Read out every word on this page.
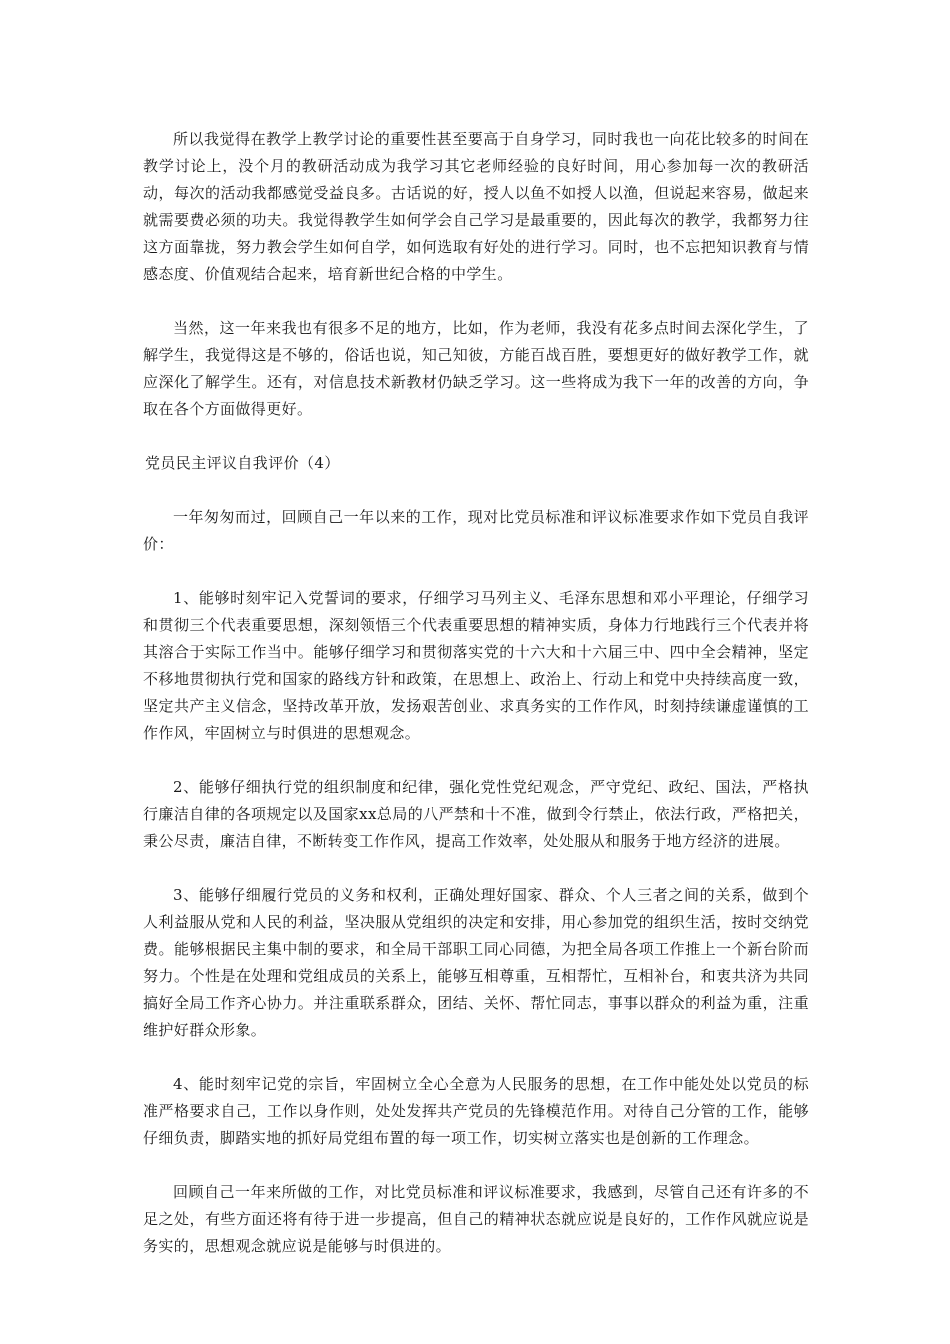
所以我觉得在教学上教学讨论的重要性甚至要高于自身学习，同时我也一向花比较多的时间在教学讨论上，没个月的教研活动成为我学习其它老师经验的良好时间，用心参加每一次的教研活动，每次的活动我都感觉受益良多。古话说的好，授人以鱼不如授人以渔，但说起来容易，做起来就需要费必须的功夫。我觉得教学生如何学会自己学习是最重要的，因此每次的教学，我都努力往这方面靠拢，努力教会学生如何自学，如何选取有好处的进行学习。同时，也不忘把知识教育与情感态度、价值观结合起来，培育新世纪合格的中学生。

当然，这一年来我也有很多不足的地方，比如，作为老师，我没有花多点时间去深化学生，了解学生，我觉得这是不够的，俗话也说，知己知彼，方能百战百胜，要想更好的做好教学工作，就应深化了解学生。还有，对信息技术新教材仍缺乏学习。这一些将成为我下一年的改善的方向，争取在各个方面做得更好。

党员民主评议自我评价（4）

一年匆匆而过，回顾自己一年以来的工作，现对比党员标准和评议标准要求作如下党员自我评价：

1、能够时刻牢记入党誓词的要求，仔细学习马列主义、毛泽东思想和邓小平理论，仔细学习和贯彻三个代表重要思想，深刻领悟三个代表重要思想的精神实质，身体力行地践行三个代表并将其溶合于实际工作当中。能够仔细学习和贯彻落实党的十六大和十六届三中、四中全会精神，坚定不移地贯彻执行党和国家的路线方针和政策，在思想上、政治上、行动上和党中央持续高度一致，坚定共产主义信念，坚持改革开放，发扬艰苦创业、求真务实的工作作风，时刻持续谦虚谨慎的工作作风，牢固树立与时俱进的思想观念。

2、能够仔细执行党的组织制度和纪律，强化党性党纪观念，严守党纪、政纪、国法，严格执行廉洁自律的各项规定以及国家xx总局的八严禁和十不准，做到令行禁止，依法行政，严格把关，秉公尽责，廉洁自律，不断转变工作作风，提高工作效率，处处服从和服务于地方经济的进展。

3、能够仔细履行党员的义务和权利，正确处理好国家、群众、个人三者之间的关系，做到个人利益服从党和人民的利益，坚决服从党组织的决定和安排，用心参加党的组织生活，按时交纳党费。能够根据民主集中制的要求，和全局干部职工同心同德，为把全局各项工作推上一个新台阶而努力。个性是在处理和党组成员的关系上，能够互相尊重，互相帮忙，互相补台，和衷共济为共同搞好全局工作齐心协力。并注重联系群众，团结、关怀、帮忙同志，事事以群众的利益为重，注重维护好群众形象。

4、能时刻牢记党的宗旨，牢固树立全心全意为人民服务的思想，在工作中能处处以党员的标准严格要求自己，工作以身作则，处处发挥共产党员的先锋模范作用。对待自己分管的工作，能够仔细负责，脚踏实地的抓好局党组布置的每一项工作，切实树立落实也是创新的工作理念。

回顾自己一年来所做的工作，对比党员标准和评议标准要求，我感到，尽管自己还有许多的不足之处，有些方面还将有待于进一步提高，但自己的精神状态就应说是良好的，工作作风就应说是务实的，思想观念就应说是能够与时俱进的。
